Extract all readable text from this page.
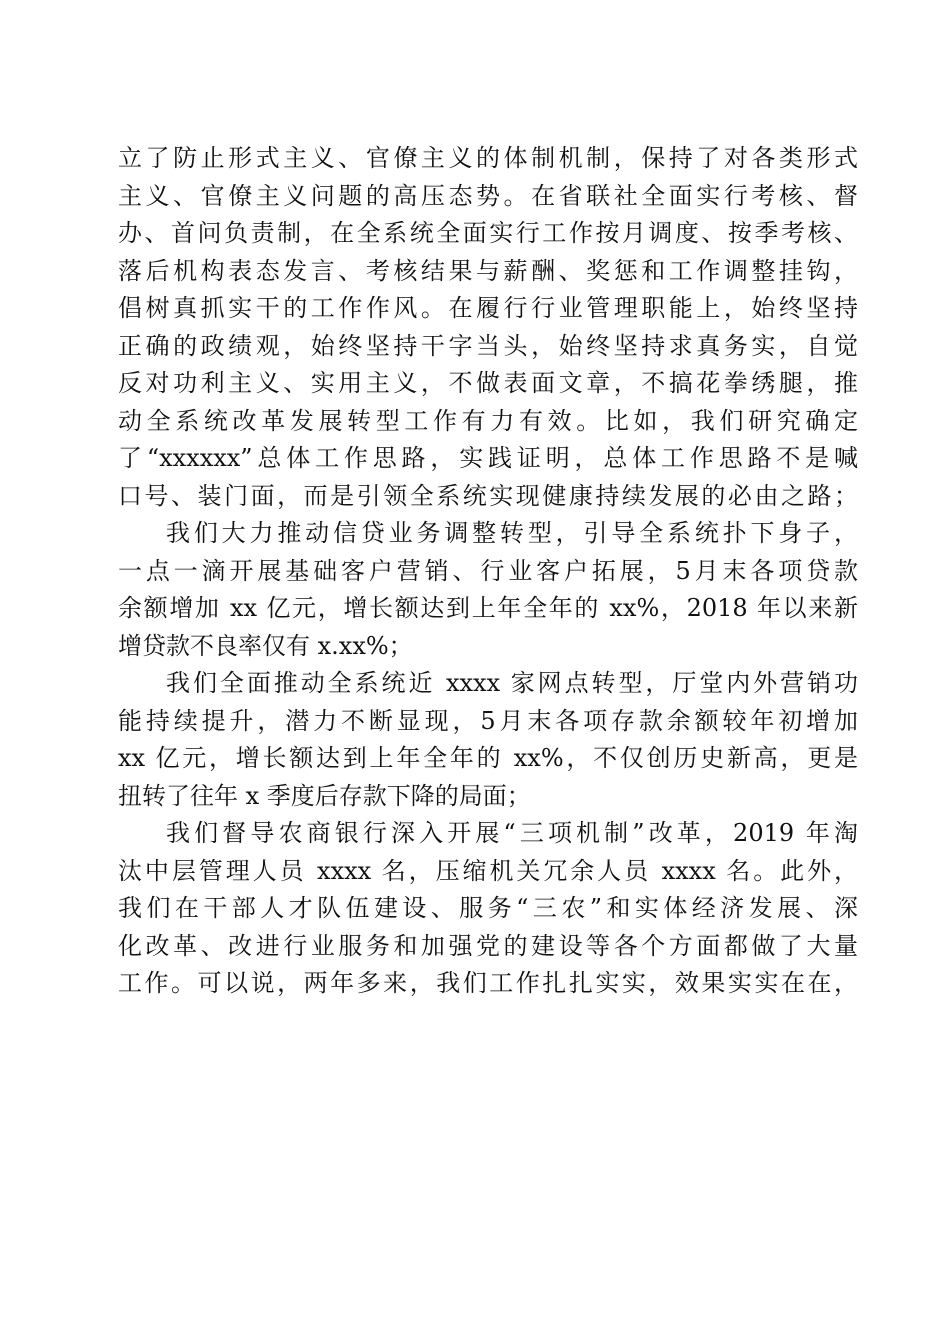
立了防止形式主义、官僚主义的体制机制，保持了对各类形式
主义、官僚主义问题的高压态势。在省联社全面实行考核、督
办、首问负责制，在全系统全面实行工作按月调度、按季考核、
落后机构表态发言、考核结果与薪酬、奖惩和工作调整挂钩，
倡树真抓实干的工作作风。在履行行业管理职能上，始终坚持
正确的政绩观，始终坚持干字当头，始终坚持求真务实，自觉
反对功利主义、实用主义，不做表面文章，不搞花拳绣腿，推
动全系统改革发展转型工作有力有效。比如，我们研究确定
了“xxxxxx”总体工作思路，实践证明，总体工作思路不是喊
口号、装门面，而是引领全系统实现健康持续发展的必由之路；
我们大力推动信贷业务调整转型，引导全系统扑下身子，
一点一滴开展基础客户营销、行业客户拓展，5月末各项贷款
余额增加 xx 亿元，增长额达到上年全年的 xx%，2018 年以来新
增贷款不良率仅有 x.xx%；
我们全面推动全系统近 xxxx 家网点转型，厅堂内外营销功
能持续提升，潜力不断显现，5月末各项存款余额较年初增加
xx 亿元，增长额达到上年全年的 xx%，不仅创历史新高，更是
扭转了往年 x 季度后存款下降的局面；
我们督导农商银行深入开展“三项机制”改革，2019 年淘
汰中层管理人员 xxxx 名，压缩机关冗余人员 xxxx 名。此外，
我们在干部人才队伍建设、服务“三农”和实体经济发展、深
化改革、改进行业服务和加强党的建设等各个方面都做了大量
工作。可以说，两年多来，我们工作扎扎实实，效果实实在在，
